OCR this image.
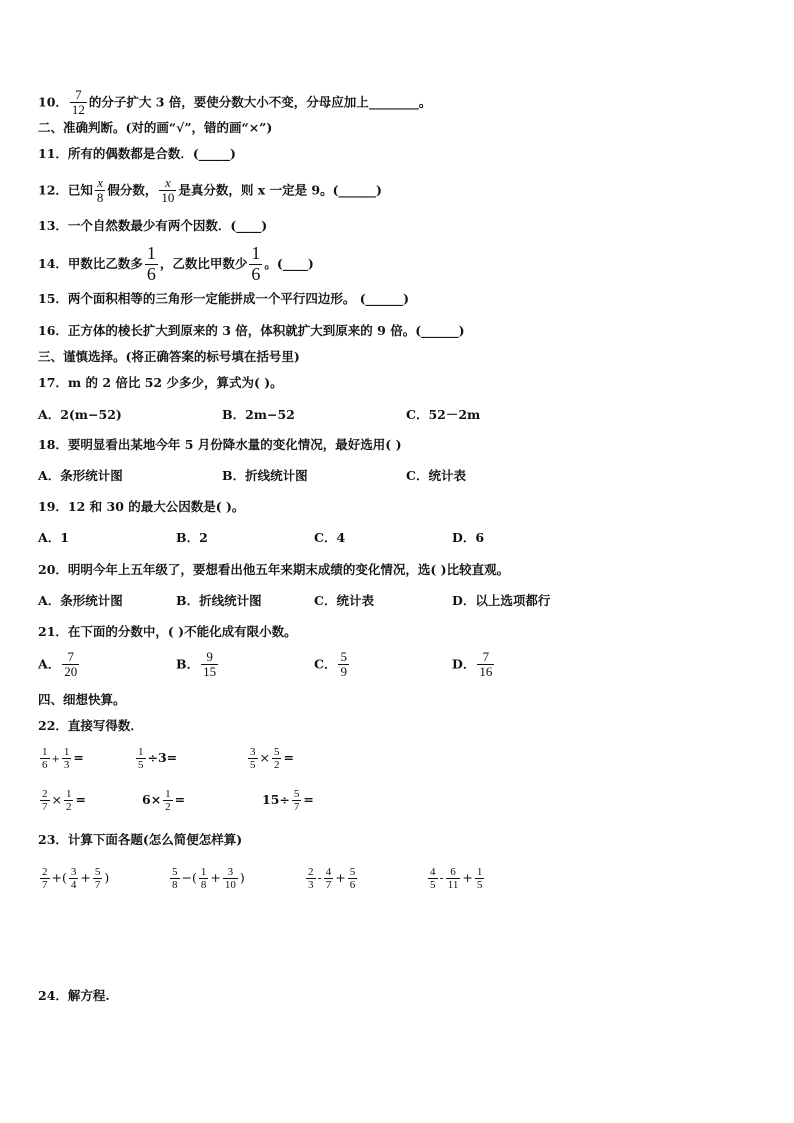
10． $\frac{7}{12}$ 的分子扩大 3 倍，要使分数大小不变，分母应加上________。
二、准确判断。(对的画“√”，错的画“×”)
11．所有的偶数都是合数．(_____)
12．已知 $\frac{x}{8}$ 假分数， $\frac{x}{10}$ 是真分数，则 x 一定是 9。(______)
13．一个自然数最少有两个因数．(____)
14．甲数比乙数多 $\frac{1}{6}$ ，乙数比甲数少 $\frac{1}{6}$ 。(____)
15．两个面积相等的三角形一定能拼成一个平行四边形。 (______)
16．正方体的棱长扩大到原来的 3 倍，体积就扩大到原来的 9 倍。(______)
三、谨慎选择。(将正确答案的标号填在括号里)
17．m 的 2 倍比 52 少多少，算式为( )。
A．2(m−52)	B．2m−52	C．52－2m
18．要明显看出某地今年 5 月份降水量的变化情况，最好选用( )
A．条形统计图	B．折线统计图	C．统计表
19．12 和 30 的最大公因数是( )。
A．1	B．2	C．4	D．6
20．明明今年上五年级了，要想看出他五年来期末成绩的变化情况，选( )比较直观。
A．条形统计图	B．折线统计图	C．统计表	D．以上选项都行
21．在下面的分数中，( )不能化成有限小数。
A． $\frac{7}{20}$	B． $\frac{9}{15}$	C． $\frac{5}{9}$	D． $\frac{7}{16}$
四、细想快算。
22．直接写得数．
$\frac{1}{6} + \frac{1}{3}$ =	$\frac{1}{5} \div 3=$	$\frac{3}{5} \times \frac{5}{2}$ =
$\frac{2}{7} \times \frac{1}{2}$ =	$6\times \frac{1}{2}$ =	$15\div \frac{5}{7}$ =
23．计算下面各题(怎么简便怎样算)
$\frac{2}{7}$ +( $\frac{3}{4} + \frac{5}{7}$ )	$\frac{5}{8}$ −( $\frac{1}{8} + \frac{3}{10}$ )	$\frac{2}{3} - \frac{4}{7} + \frac{5}{6}$	$\frac{4}{5} - \frac{6}{11} + \frac{1}{5}$
24．解方程.
